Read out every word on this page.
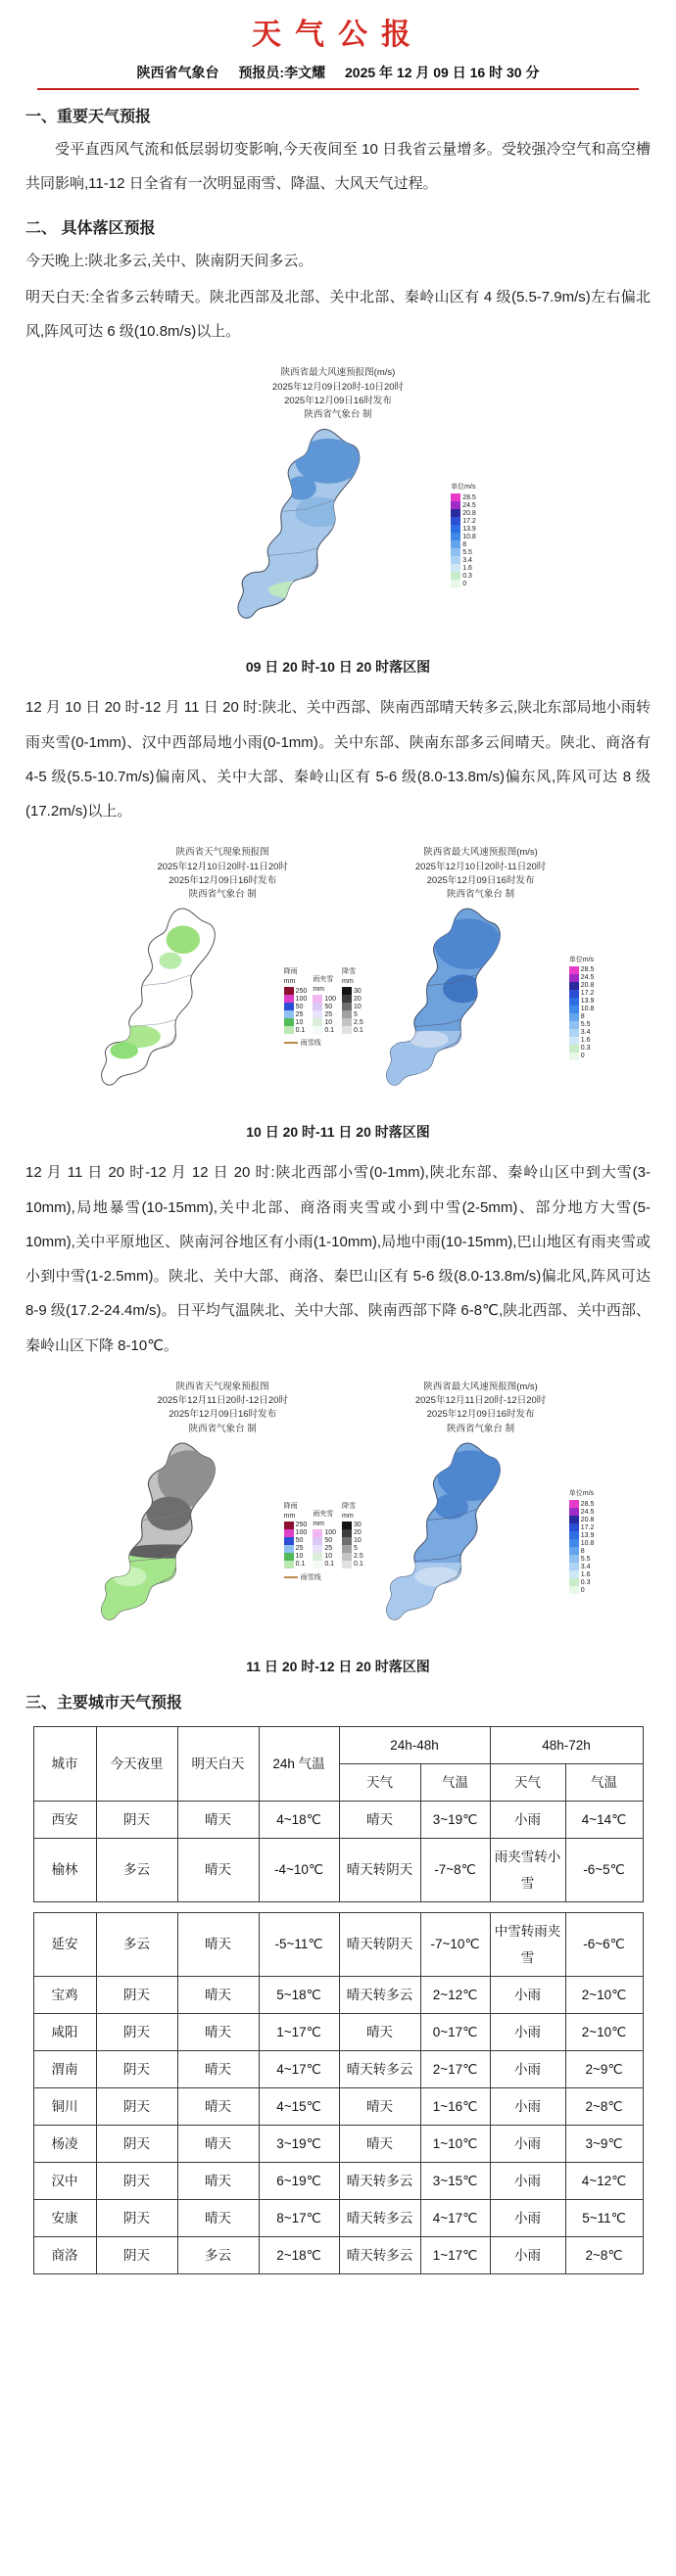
天气公报
陕西省气象台 预报员:李文耀 2025 年 12 月 09 日 16 时 30 分
一、重要天气预报
受平直西风气流和低层弱切变影响,今天夜间至 10 日我省云量增多。受较强冷空气和高空槽共同影响,11-12 日全省有一次明显雨雪、降温、大风天气过程。
二、 具体落区预报
今天晚上:陕北多云,关中、陕南阴天间多云。
明天白天:全省多云转晴天。陕北西部及北部、关中北部、秦岭山区有 4 级(5.5-7.9m/s)左右偏北风,阵风可达 6 级(10.8m/s)以上。
陕西省最大风速预报图(m/s)
2025年12月09日20时-10日20时
2025年12月09日16时发布
陕西省气象台 制
单位m/s
28.5
24.5
20.8
17.2
13.9
10.8
8
5.5
3.4
1.6
0.3
0
09 日 20 时-10 日 20 时落区图
12 月 10 日 20 时-12 月 11 日 20 时:陕北、关中西部、陕南西部晴天转多云,陕北东部局地小雨转雨夹雪(0-1mm)、汉中西部局地小雨(0-1mm)。关中东部、陕南东部多云间晴天。陕北、商洛有 4-5 级(5.5-10.7m/s)偏南风、关中大部、秦岭山区有 5-6 级(8.0-13.8m/s)偏东风,阵风可达 8 级(17.2m/s)以上。
陕西省天气现象预报图
2025年12月10日20时-11日20时
2025年12月09日16时发布
陕西省气象台 制
降雨
mm
250
100
50
25
10
0.1
雨夹雪
mm
100
50
25
10
0.1
降雪
mm
30
20
10
5
2.5
0.1
雨雪线
陕西省最大风速预报图(m/s)
2025年12月10日20时-11日20时
2025年12月09日16时发布
陕西省气象台 制
单位m/s
28.5
24.5
20.8
17.2
13.9
10.8
8
5.5
3.4
1.6
0.3
0
10 日 20 时-11 日 20 时落区图
12 月 11 日 20 时-12 月 12 日 20 时:陕北西部小雪(0-1mm),陕北东部、秦岭山区中到大雪(3-10mm),局地暴雪(10-15mm),关中北部、商洛雨夹雪或小到中雪(2-5mm)、部分地方大雪(5-10mm),关中平原地区、陕南河谷地区有小雨(1-10mm),局地中雨(10-15mm),巴山地区有雨夹雪或小到中雪(1-2.5mm)。陕北、关中大部、商洛、秦巴山区有 5-6 级(8.0-13.8m/s)偏北风,阵风可达 8-9 级(17.2-24.4m/s)。日平均气温陕北、关中大部、陕南西部下降 6-8℃,陕北西部、关中西部、秦岭山区下降 8-10℃。
陕西省天气现象预报图
2025年12月11日20时-12日20时
2025年12月09日16时发布
陕西省气象台 制
降雨
mm
250
100
50
25
10
0.1
雨夹雪
mm
100
50
25
10
0.1
降雪
mm
30
20
10
5
2.5
0.1
雨雪线
陕西省最大风速预报图(m/s)
2025年12月11日20时-12日20时
2025年12月09日16时发布
陕西省气象台 制
单位m/s
28.5
24.5
20.8
17.2
13.9
10.8
8
5.5
3.4
1.6
0.3
0
11 日 20 时-12 日 20 时落区图
三、主要城市天气预报
城市	今天夜里	明天白天	24h 气温	24h-48h		48h-72h	
				天气	气温	天气	气温
西安	阴天	晴天	4~18℃	晴天	3~19℃	小雨	4~14℃
榆林	多云	晴天	-4~10℃	晴天转阴天	-7~8℃	雨夹雪转小雪	-6~5℃
延安	多云	晴天	-5~11℃	晴天转阴天	-7~10℃	中雪转雨夹雪	-6~6℃
宝鸡	阴天	晴天	5~18℃	晴天转多云	2~12℃	小雨	2~10℃
咸阳	阴天	晴天	1~17℃	晴天	0~17℃	小雨	2~10℃
渭南	阴天	晴天	4~17℃	晴天转多云	2~17℃	小雨	2~9℃
铜川	阴天	晴天	4~15℃	晴天	1~16℃	小雨	2~8℃
杨凌	阴天	晴天	3~19℃	晴天	1~10℃	小雨	3~9℃
汉中	阴天	晴天	6~19℃	晴天转多云	3~15℃	小雨	4~12℃
安康	阴天	晴天	8~17℃	晴天转多云	4~17℃	小雨	5~11℃
商洛	阴天	多云	2~18℃	晴天转多云	1~17℃	小雨	2~8℃
